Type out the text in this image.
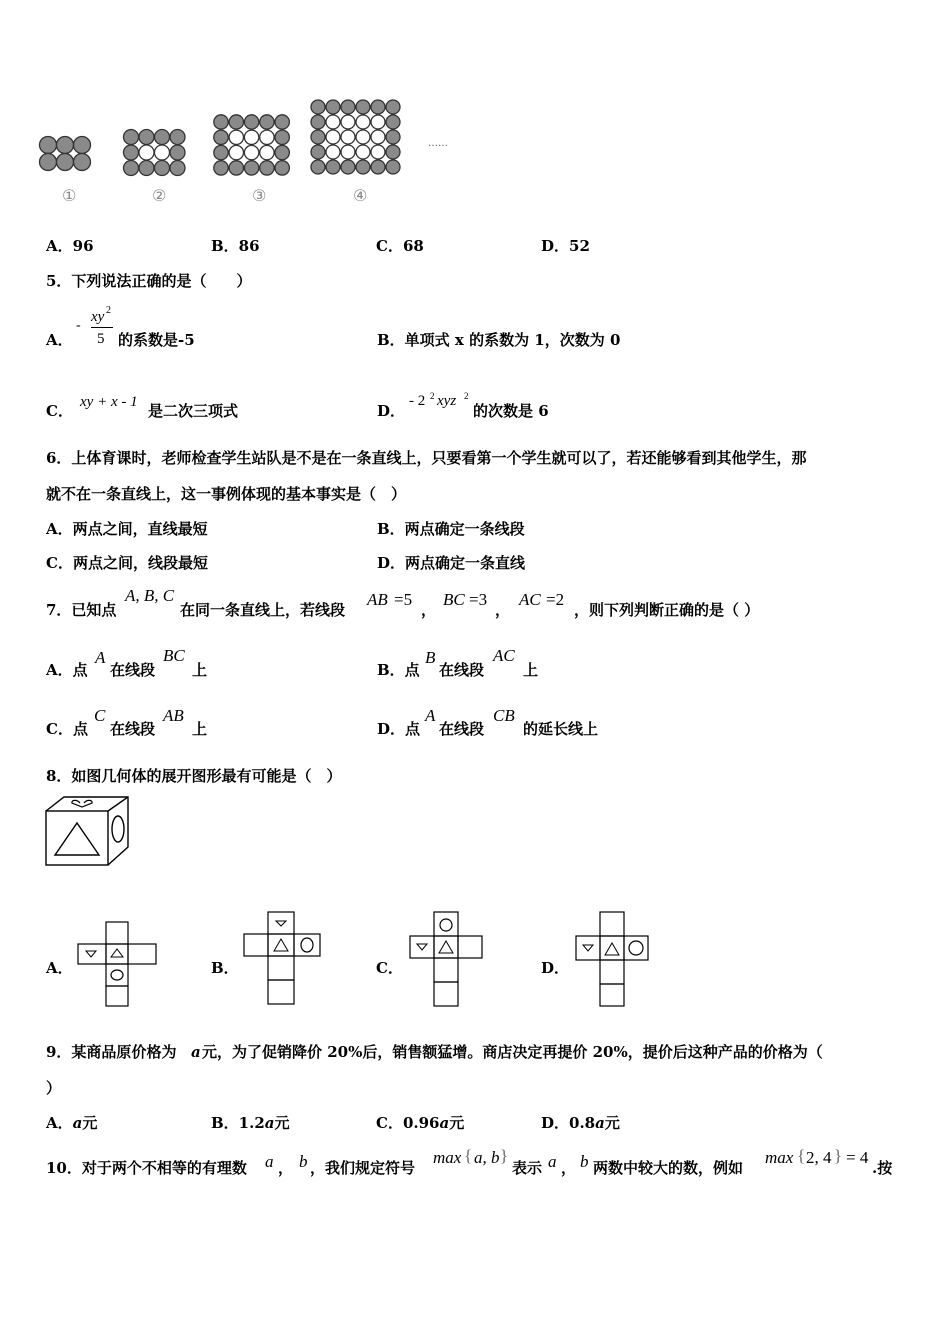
……
①	②	③	④
A．96	B．86	C．68	D．52
5．下列说法正确的是（　　）
A．
-
xy 2
5 的系数是-5	B．单项式 x 的系数为 1，次数为 0
C． xy + x - 1 是二次三项式	D．
- 2 2 xyz 2
的次数是 6
6．上体育课时，老师检查学生站队是不是在一条直线上，只要看第一个学生就可以了，若还能够看到其他学生，那
就不在一条直线上，这一事例体现的基本事实是（　）
A．两点之间，直线最短	B．两点确定一条线段
C．两点之间，线段最短	D．两点确定一条直线
7．已知点
A, B, C
在同一条直线上，若线段
AB =5
，
BC =3
，
AC =2
，则下列判断正确的是（ ）
A．点
A
在线段
BC
上	B．点
B
在线段
AC
上
C．点
C
在线段
AB
上	D．点
A
在线段
CB
的延长线上
8．如图几何体的展开图形最有可能是（　）
A．	B．	C．	D．
9．某商品原价格为 a 元，为了促销降价 20%后，销售额猛增。商店决定再提价 20%，提价后这种产品的价格为（
）
A．a元	B．1.2a元	C．0.96a元	D．0.8a元
10．对于两个不相等的有理数 a ， b ，我们规定符号
max { a, b }
表示 a ， b 两数中较大的数，例如
max { 2, 4 } = 4
.按
